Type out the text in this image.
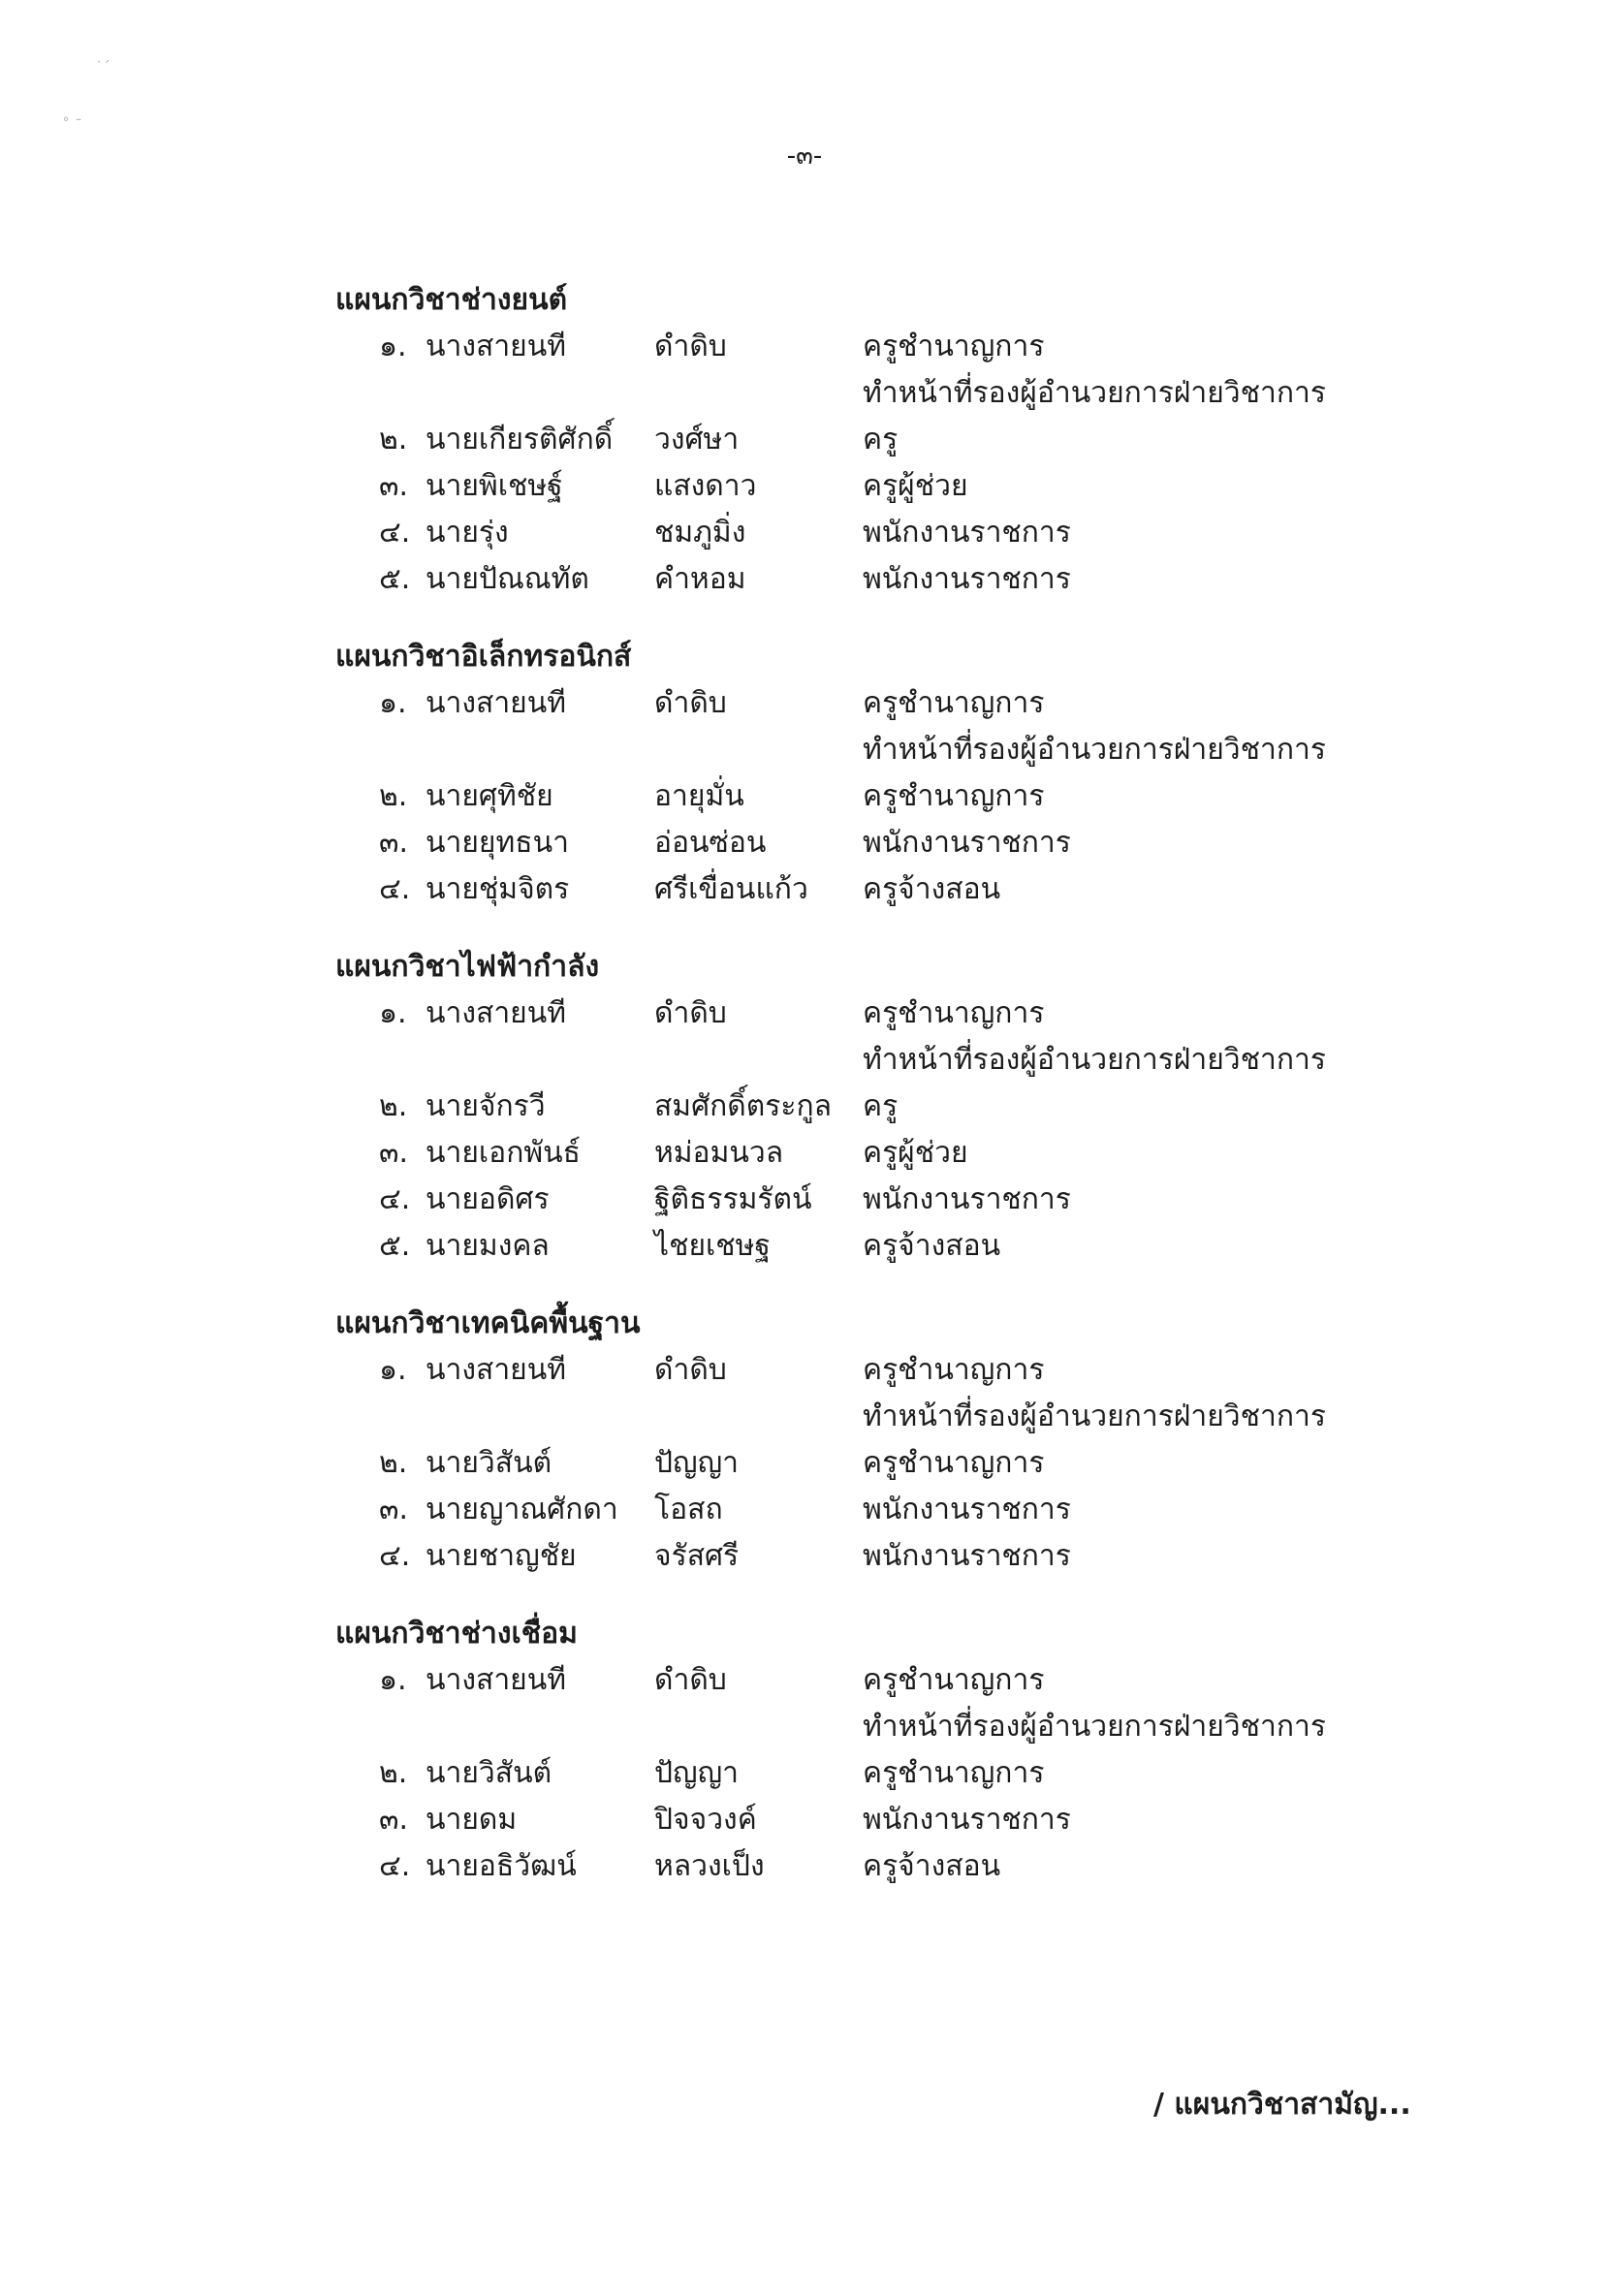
˙´
˚ ˉ
-๓-
แผนกวิชาช่างยนต์
๑. นางสายนที	ดำดิบ	ครูชำนาญการ
ทำหน้าที่รองผู้อำนวยการฝ่ายวิชาการ
๒. นายเกียรติศักดิ์	วงศ์ษา	ครู
๓. นายพิเชษฐ์	แสงดาว	ครูผู้ช่วย
๔. นายรุ่ง	ชมภูมิ่ง	พนักงานราชการ
๕. นายปัณณทัต	คำหอม	พนักงานราชการ
แผนกวิชาอิเล็กทรอนิกส์
๑. นางสายนที	ดำดิบ	ครูชำนาญการ
ทำหน้าที่รองผู้อำนวยการฝ่ายวิชาการ
๒. นายศุทิชัย	อายุมั่น	ครูชำนาญการ
๓. นายยุทธนา	อ่อนซ่อน	พนักงานราชการ
๔. นายชุ่มจิตร	ศรีเขื่อนแก้ว	ครูจ้างสอน
แผนกวิชาไฟฟ้ากำลัง
๑. นางสายนที	ดำดิบ	ครูชำนาญการ
ทำหน้าที่รองผู้อำนวยการฝ่ายวิชาการ
๒. นายจักรวี	สมศักดิ์ตระกูล	ครู
๓. นายเอกพันธ์	หม่อมนวล	ครูผู้ช่วย
๔. นายอดิศร	ฐิติธรรมรัตน์	พนักงานราชการ
๕. นายมงคล	ไชยเชษฐ	ครูจ้างสอน
แผนกวิชาเทคนิคพื้นฐาน
๑. นางสายนที	ดำดิบ	ครูชำนาญการ
ทำหน้าที่รองผู้อำนวยการฝ่ายวิชาการ
๒. นายวิสันต์	ปัญญา	ครูชำนาญการ
๓. นายญาณศักดา	โอสถ	พนักงานราชการ
๔. นายชาญชัย	จรัสศรี	พนักงานราชการ
แผนกวิชาช่างเชื่อม
๑. นางสายนที	ดำดิบ	ครูชำนาญการ
ทำหน้าที่รองผู้อำนวยการฝ่ายวิชาการ
๒. นายวิสันต์	ปัญญา	ครูชำนาญการ
๓. นายดม	ปิจจวงค์	พนักงานราชการ
๔. นายอธิวัฒน์	หลวงเป็ง	ครูจ้างสอน
/ แผนกวิชาสามัญ...
